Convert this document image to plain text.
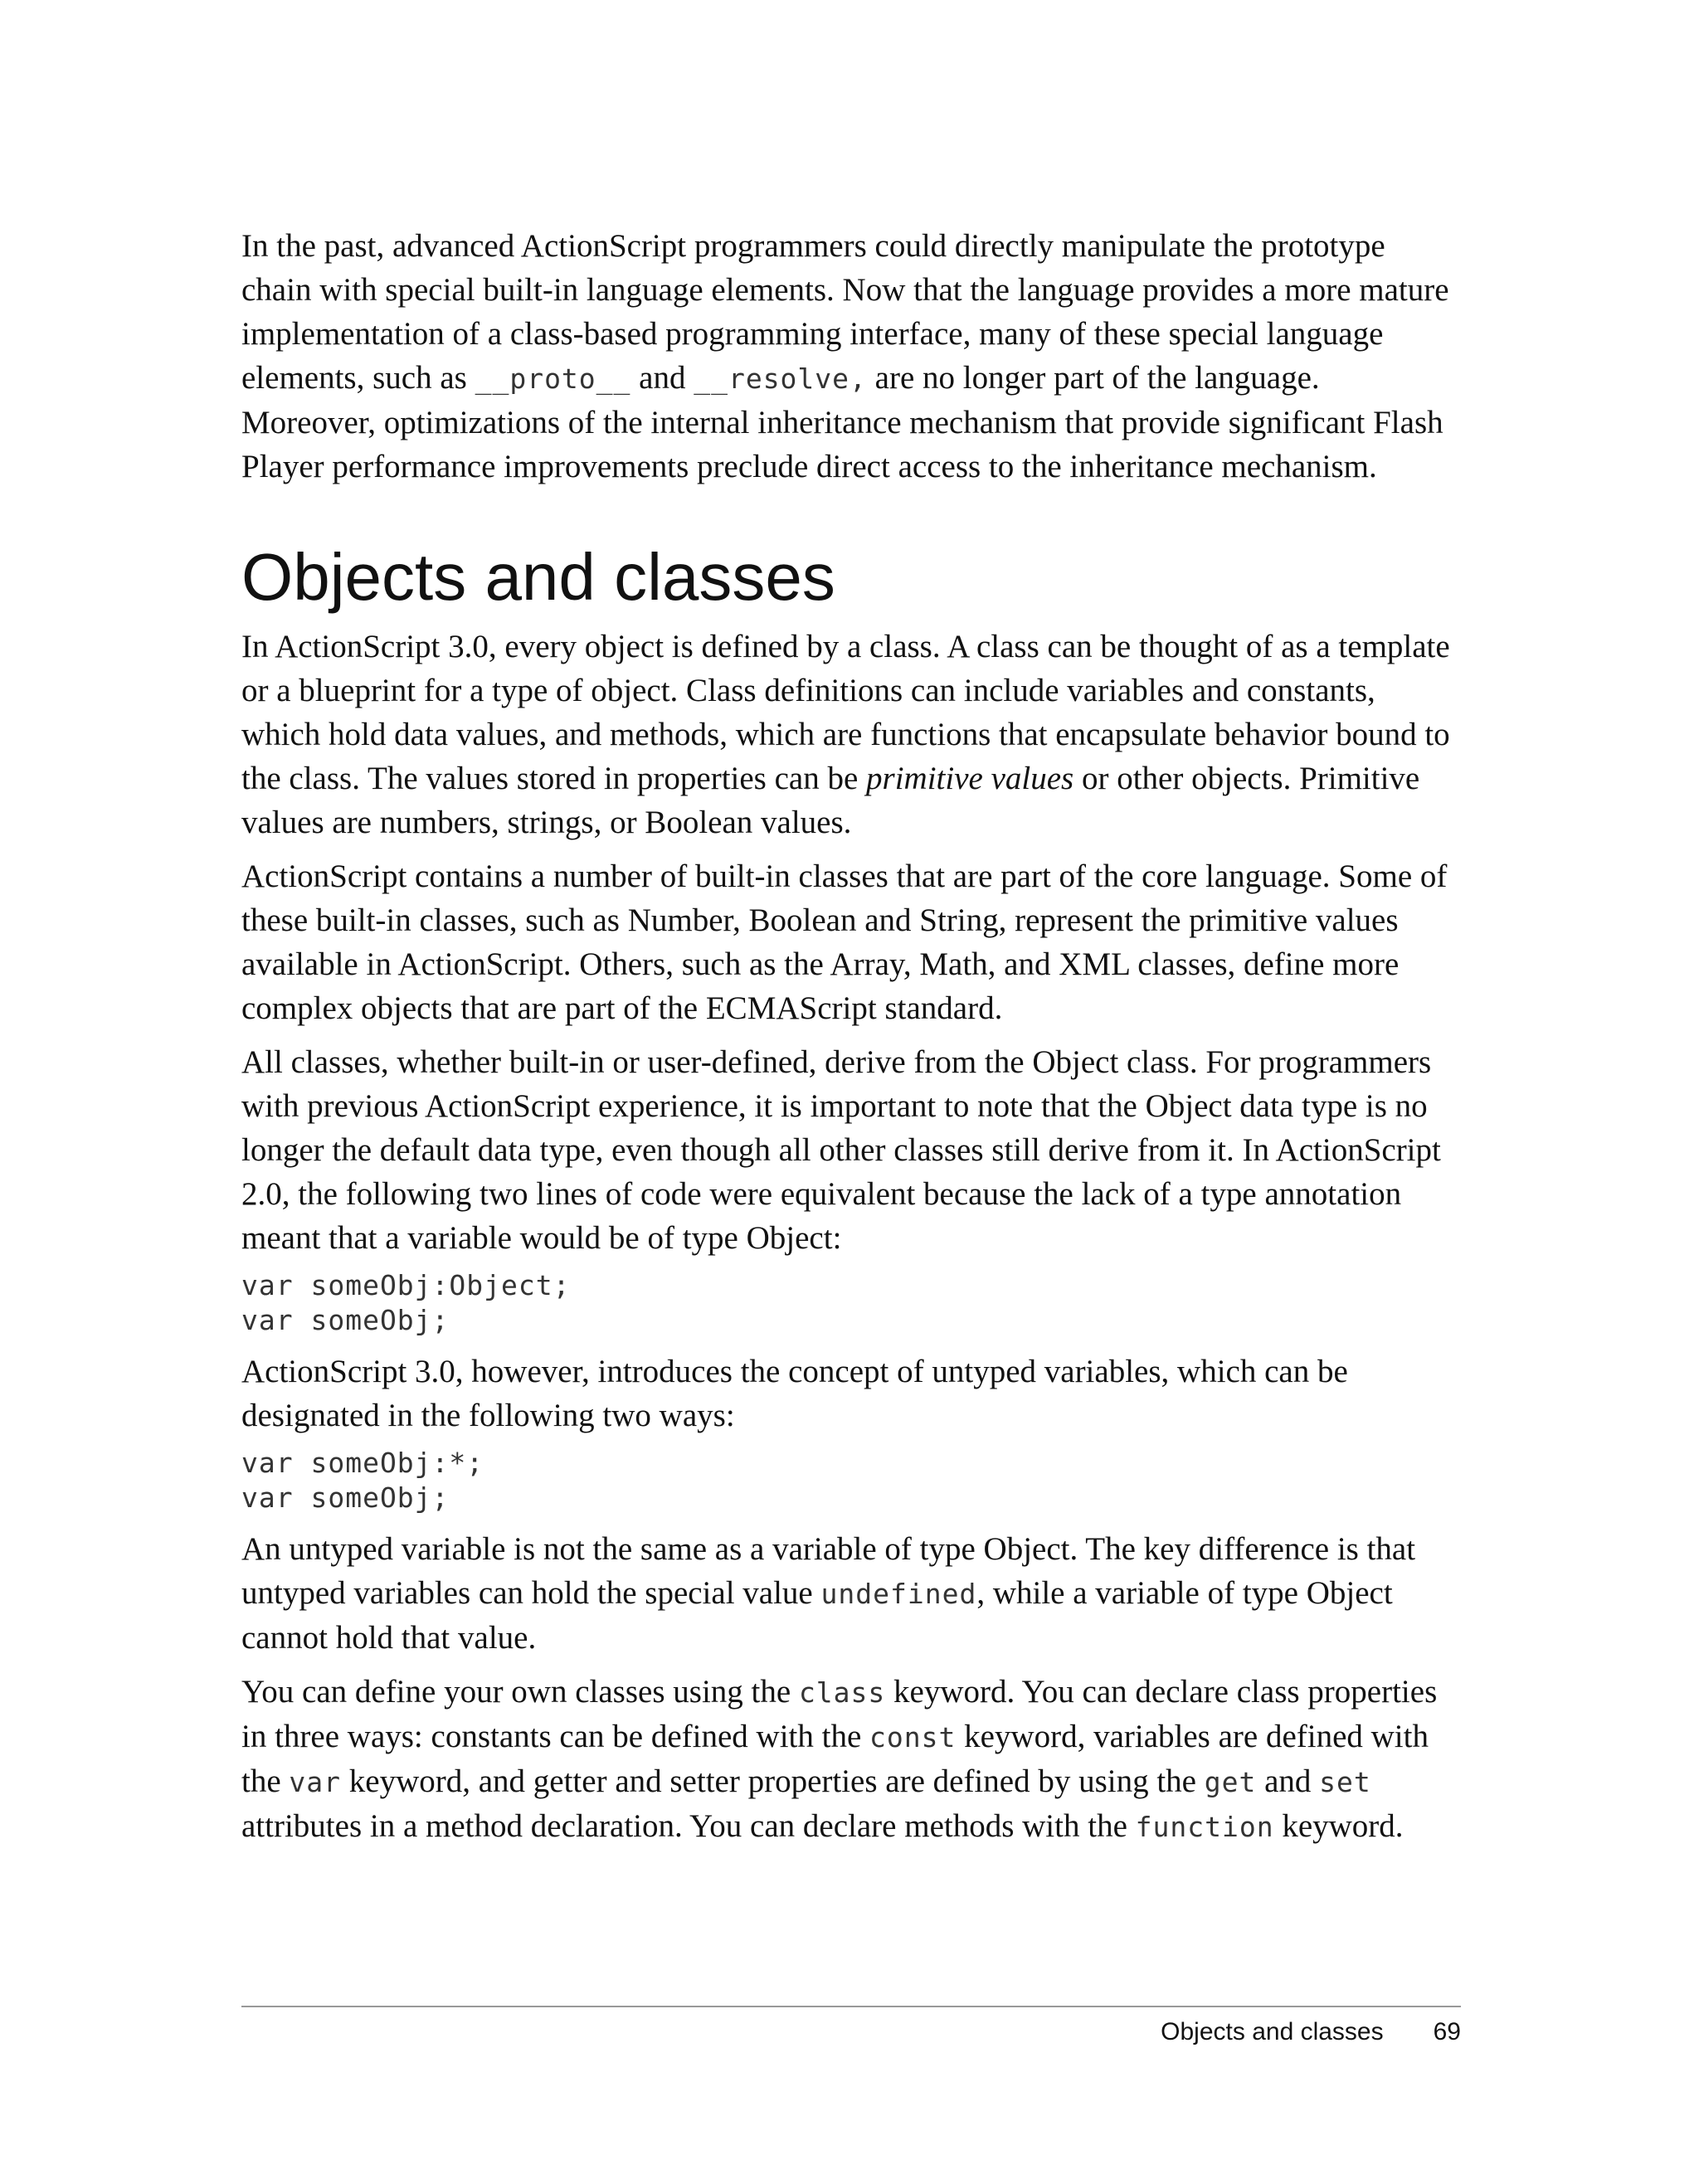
In the past, advanced ActionScript programmers could directly manipulate the prototype chain with special built-in language elements. Now that the language provides a more mature implementation of a class-based programming interface, many of these special language elements, such as __proto__ and __resolve, are no longer part of the language. Moreover, optimizations of the internal inheritance mechanism that provide significant Flash Player performance improvements preclude direct access to the inheritance mechanism.

Objects and classes

In ActionScript 3.0, every object is defined by a class. A class can be thought of as a template or a blueprint for a type of object. Class definitions can include variables and constants, which hold data values, and methods, which are functions that encapsulate behavior bound to the class. The values stored in properties can be primitive values or other objects. Primitive values are numbers, strings, or Boolean values.

ActionScript contains a number of built-in classes that are part of the core language. Some of these built-in classes, such as Number, Boolean and String, represent the primitive values available in ActionScript. Others, such as the Array, Math, and XML classes, define more complex objects that are part of the ECMAScript standard.

All classes, whether built-in or user-defined, derive from the Object class. For programmers with previous ActionScript experience, it is important to note that the Object data type is no longer the default data type, even though all other classes still derive from it. In ActionScript 2.0, the following two lines of code were equivalent because the lack of a type annotation meant that a variable would be of type Object:

var someObj:Object;
var someObj;

ActionScript 3.0, however, introduces the concept of untyped variables, which can be designated in the following two ways:

var someObj:*;
var someObj;

An untyped variable is not the same as a variable of type Object. The key difference is that untyped variables can hold the special value undefined, while a variable of type Object cannot hold that value.

You can define your own classes using the class keyword. You can declare class properties in three ways: constants can be defined with the const keyword, variables are defined with the var keyword, and getter and setter properties are defined by using the get and set attributes in a method declaration. You can declare methods with the function keyword.

Objects and classes 69
